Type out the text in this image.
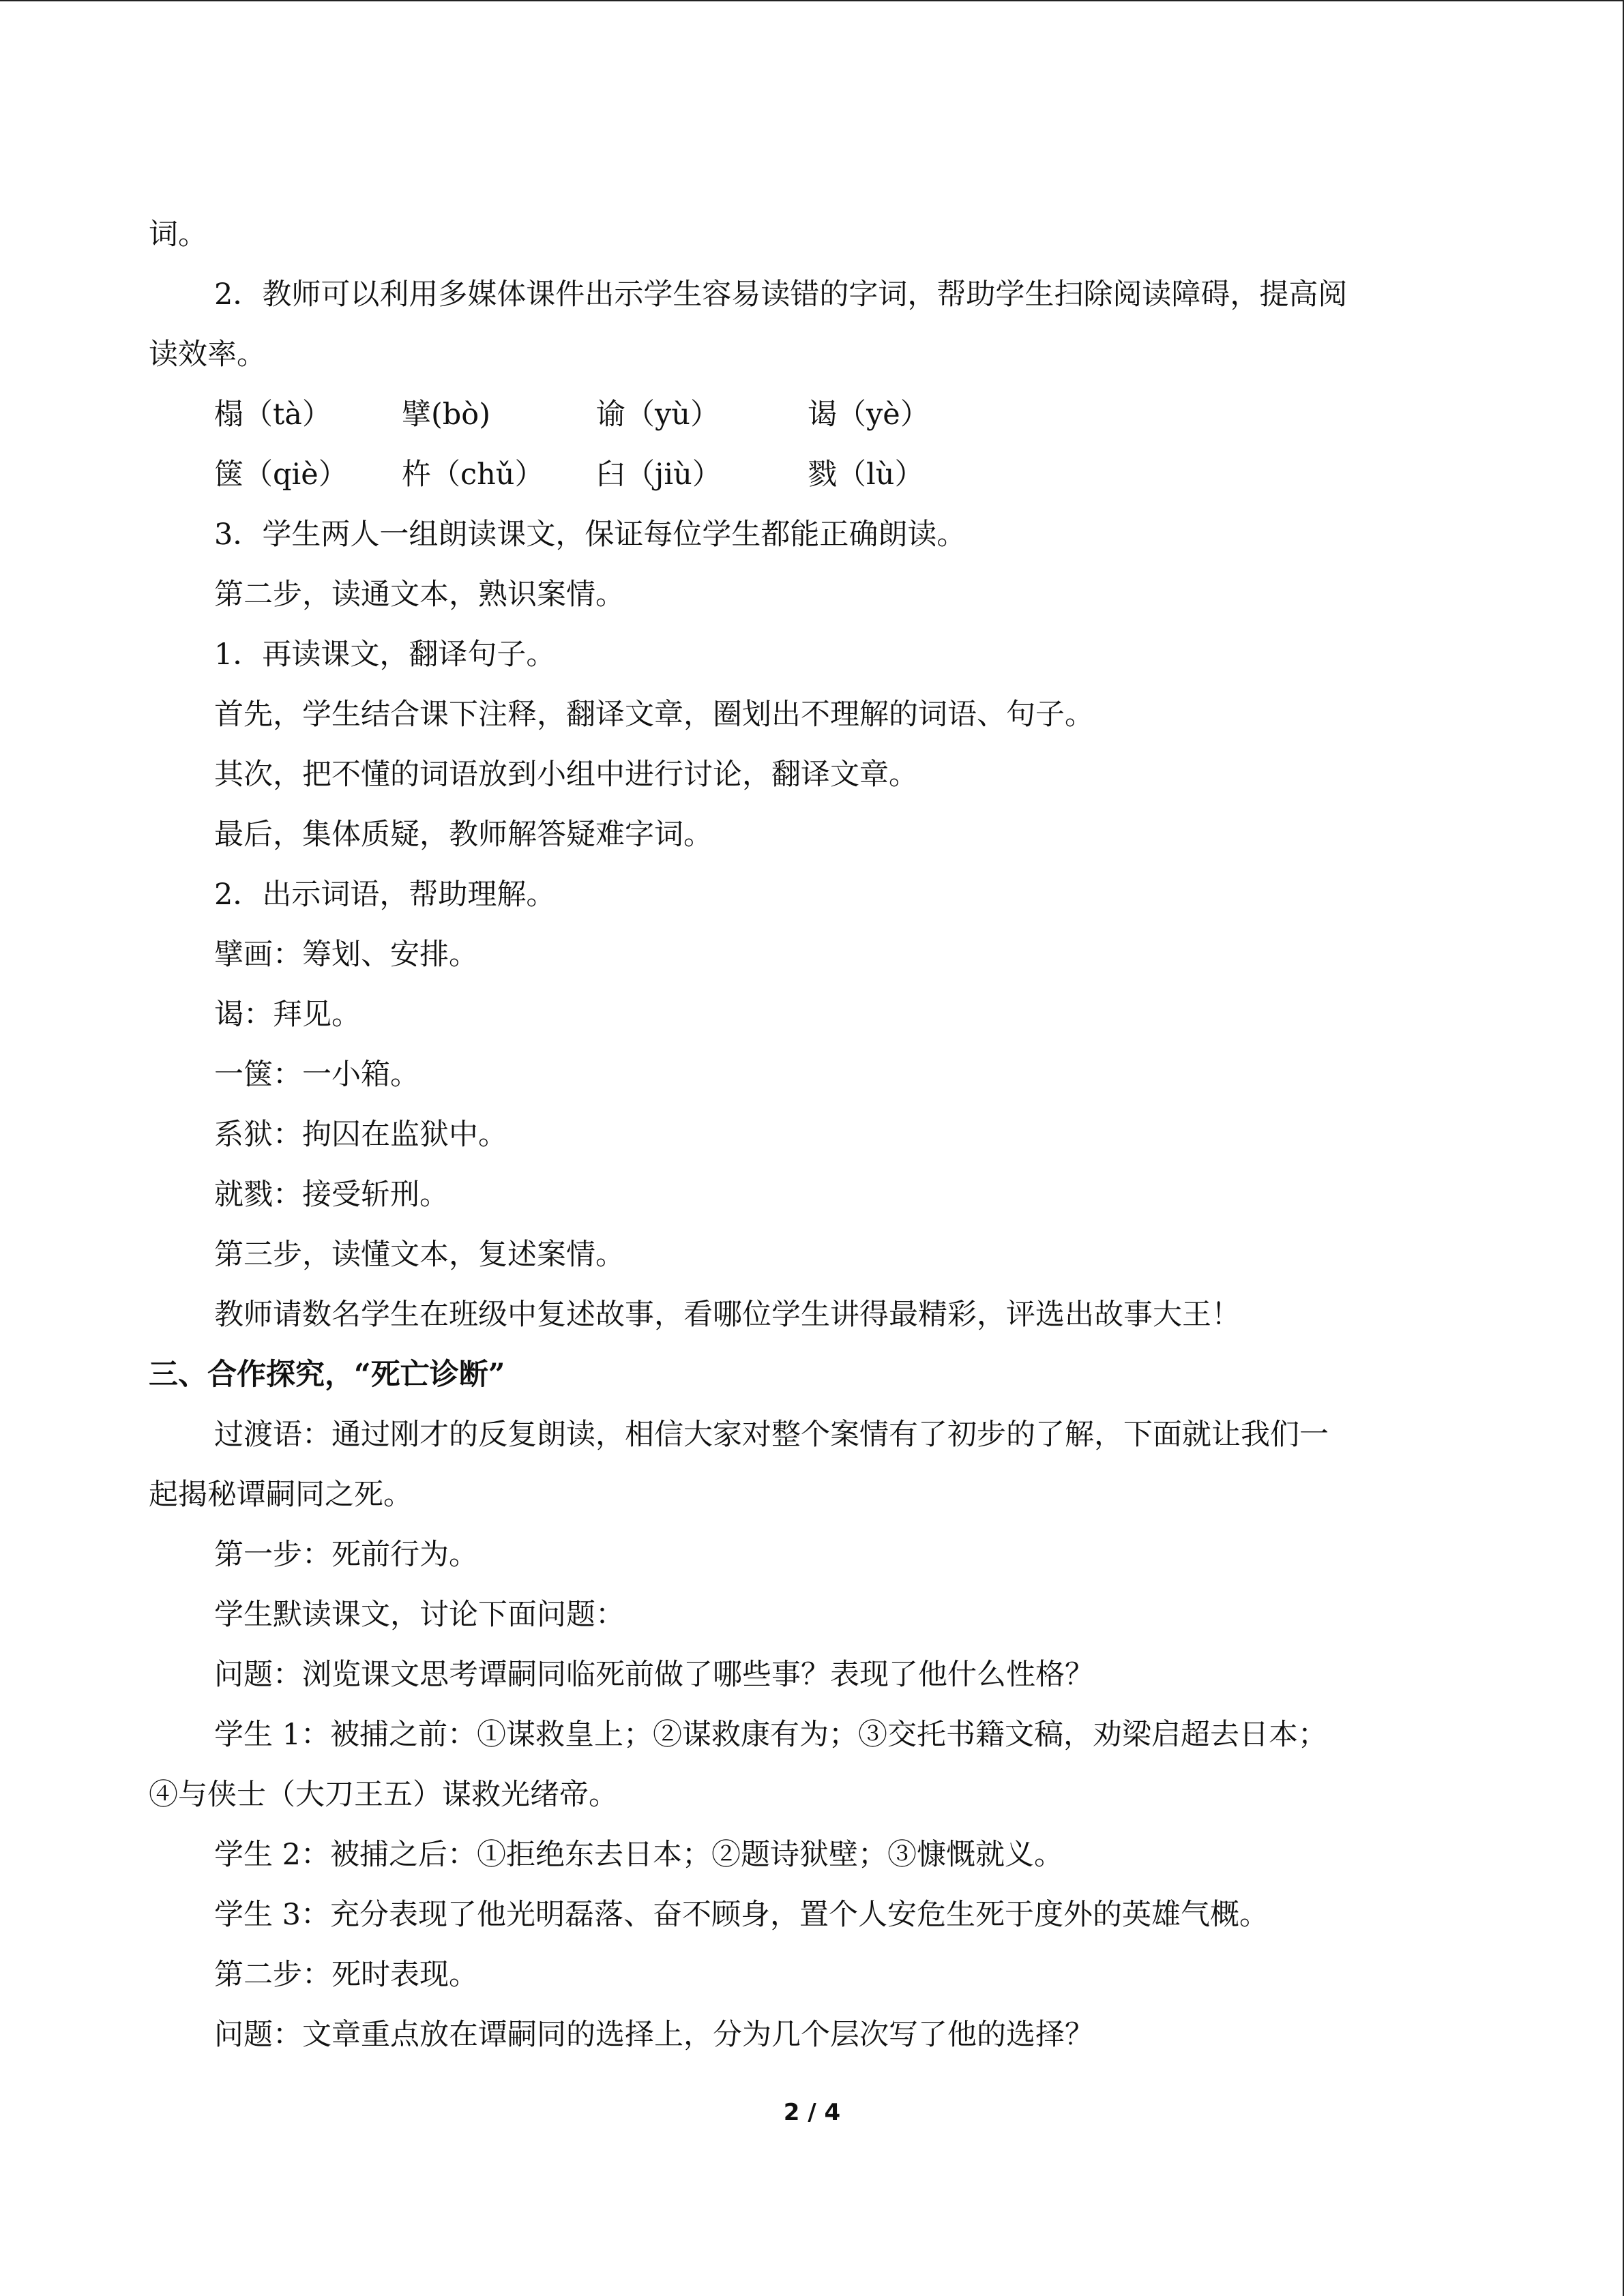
词。
2．教师可以利用多媒体课件出示学生容易读错的字词，帮助学生扫除阅读障碍，提高阅
读效率。
榻（tà）	擘(bò)	谕（yù）	谒（yè）
箧（qiè）	杵（chǔ）	臼（jiù）	戮（lù）
3．学生两人一组朗读课文，保证每位学生都能正确朗读。
第二步，读通文本，熟识案情。
1．再读课文，翻译句子。
首先，学生结合课下注释，翻译文章，圈划出不理解的词语、句子。
其次，把不懂的词语放到小组中进行讨论，翻译文章。
最后，集体质疑，教师解答疑难字词。
2．出示词语，帮助理解。
擘画：筹划、安排。
谒：拜见。
一箧：一小箱。
系狱：拘囚在监狱中。
就戮：接受斩刑。
第三步，读懂文本，复述案情。
教师请数名学生在班级中复述故事，看哪位学生讲得最精彩，评选出故事大王！
三、合作探究，“死亡诊断”
过渡语：通过刚才的反复朗读，相信大家对整个案情有了初步的了解，下面就让我们一
起揭秘谭嗣同之死。
第一步：死前行为。
学生默读课文，讨论下面问题：
问题：浏览课文思考谭嗣同临死前做了哪些事？表现了他什么性格？
学生 1：被捕之前：①谋救皇上；②谋救康有为；③交托书籍文稿，劝梁启超去日本；
④与侠士（大刀王五）谋救光绪帝。
学生 2：被捕之后：①拒绝东去日本；②题诗狱壁；③慷慨就义。
学生 3：充分表现了他光明磊落、奋不顾身，置个人安危生死于度外的英雄气概。
第二步：死时表现。
问题：文章重点放在谭嗣同的选择上，分为几个层次写了他的选择？
2 / 4
